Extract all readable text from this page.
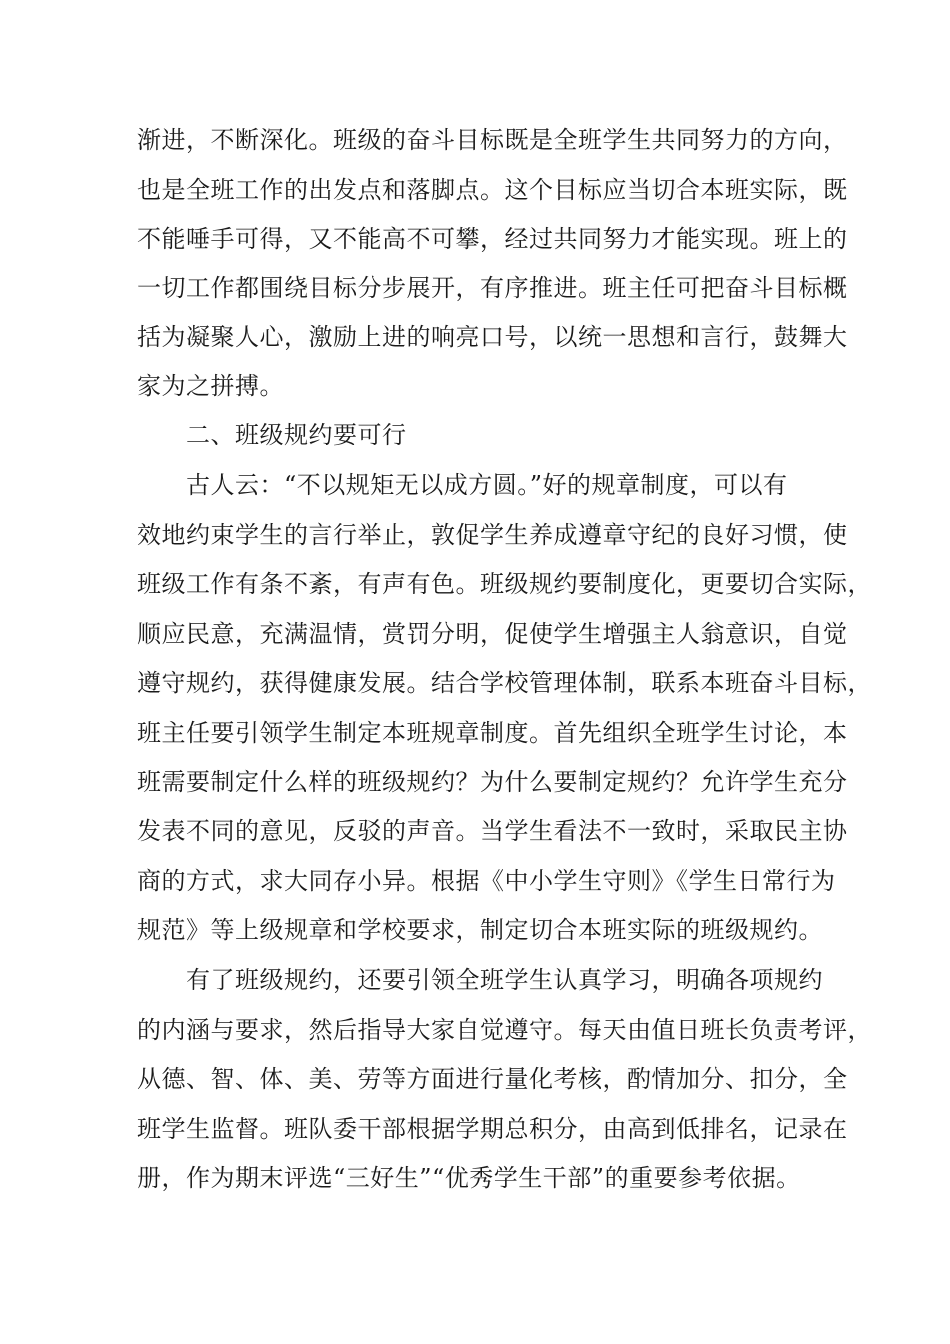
渐进，不断深化。班级的奋斗目标既是全班学生共同努力的方向，
也是全班工作的出发点和落脚点。这个目标应当切合本班实际，既
不能唾手可得，又不能高不可攀，经过共同努力才能实现。班上的
一切工作都围绕目标分步展开，有序推进。班主任可把奋斗目标概
括为凝聚人心，激励上进的响亮口号，以统一思想和言行，鼓舞大
家为之拼搏。
二、班级规约要可行
古人云：“不以规矩无以成方圆。”好的规章制度，可以有
效地约束学生的言行举止，敦促学生养成遵章守纪的良好习惯，使
班级工作有条不紊，有声有色。班级规约要制度化，更要切合实际，
顺应民意，充满温情，赏罚分明，促使学生增强主人翁意识，自觉
遵守规约，获得健康发展。结合学校管理体制，联系本班奋斗目标，
班主任要引领学生制定本班规章制度。首先组织全班学生讨论，本
班需要制定什么样的班级规约？为什么要制定规约？允许学生充分
发表不同的意见，反驳的声音。当学生看法不一致时，采取民主协
商的方式，求大同存小异。根据《中小学生守则》《学生日常行为
规范》等上级规章和学校要求，制定切合本班实际的班级规约。
有了班级规约，还要引领全班学生认真学习，明确各项规约
的内涵与要求，然后指导大家自觉遵守。每天由值日班长负责考评，
从德、智、体、美、劳等方面进行量化考核，酌情加分、扣分，全
班学生监督。班队委干部根据学期总积分，由高到低排名，记录在
册，作为期末评选“三好生”“优秀学生干部”的重要参考依据。
